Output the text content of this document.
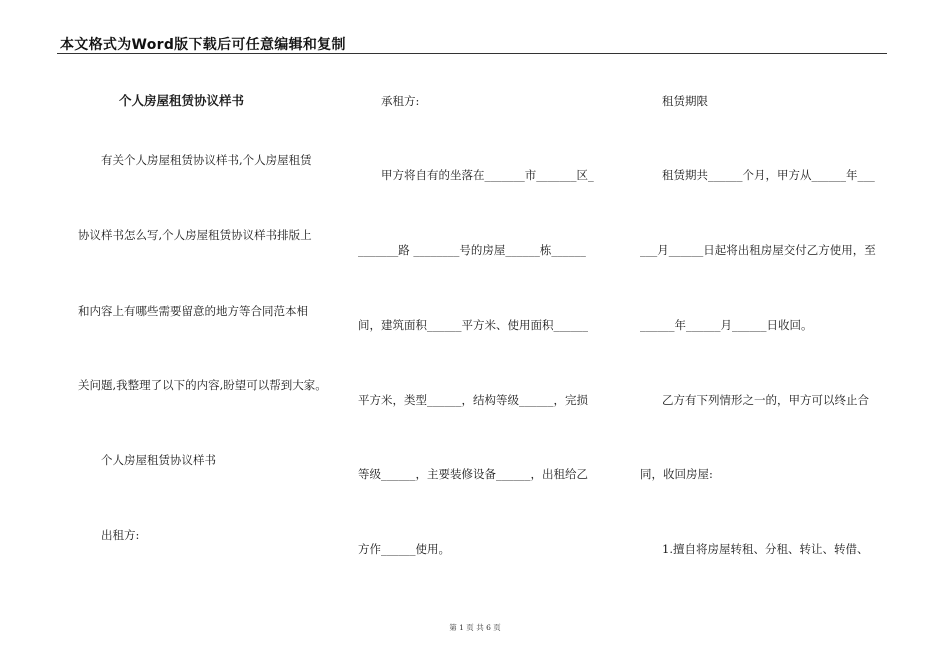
本文格式为Word版下载后可任意编辑和复制
个人房屋租赁协议样书
有关个人房屋租赁协议样书,个人房屋租赁
协议样书怎么写,个人房屋租赁协议样书排版上
和内容上有哪些需要留意的地方等合同范本相
关问题,我整理了以下的内容,盼望可以帮到大家。
个人房屋租赁协议样书
出租方:
承租方:
甲方将自有的坐落在_______市_______区_
_______路 ________号的房屋______栋______
间，建筑面积______平方米、使用面积______
平方米，类型______，结构等级______，完损
等级______，主要装修设备______，出租给乙
方作______使用。
租赁期限
租赁期共______个月，甲方从______年___
___月______日起将出租房屋交付乙方使用，至
______年______月______日收回。
乙方有下列情形之一的，甲方可以终止合
同，收回房屋:
1.擅自将房屋转租、分租、转让、转借、
第 1 页 共 6 页
